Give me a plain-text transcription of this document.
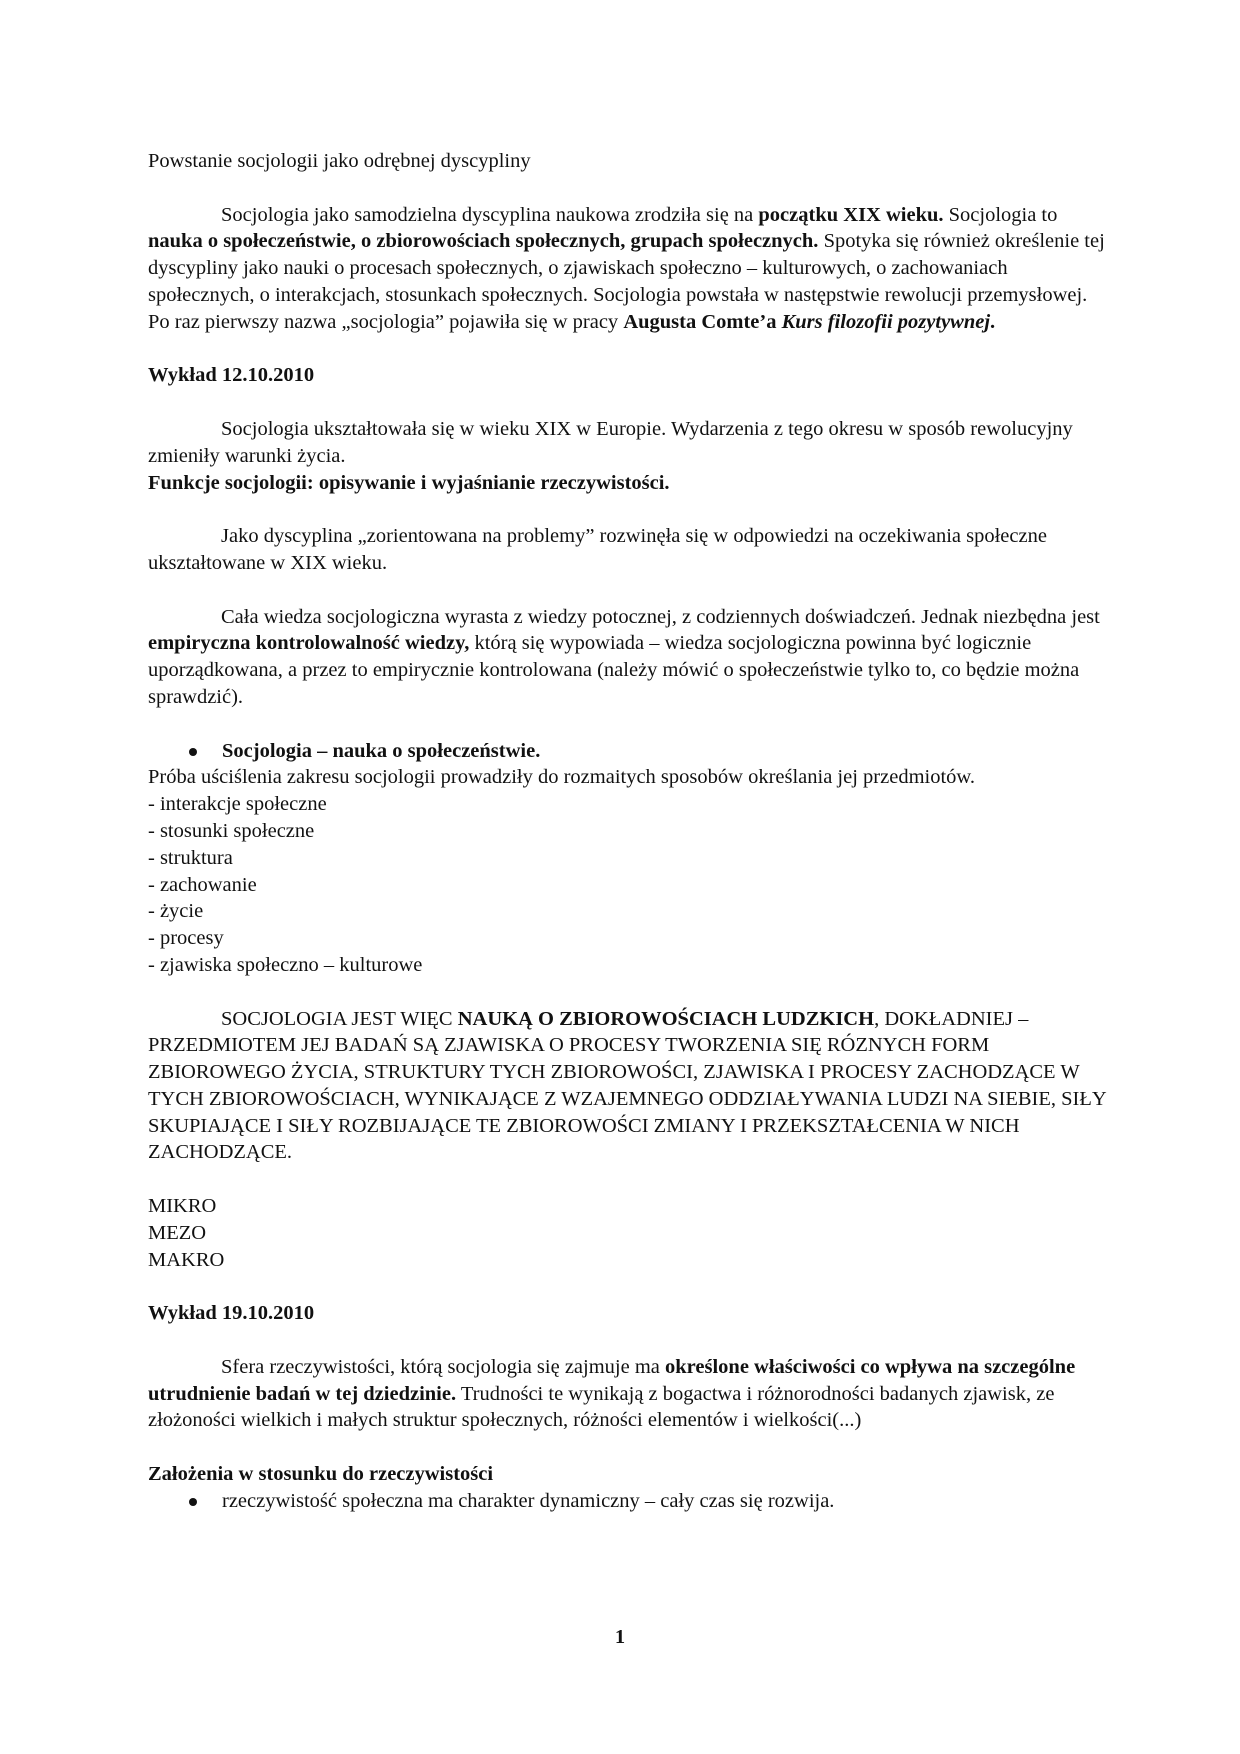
Powstanie socjologii jako odrębnej dyscypliny

Socjologia jako samodzielna dyscyplina naukowa zrodziła się na początku XIX wieku. Socjologia to nauka o społeczeństwie, o zbiorowościach społecznych, grupach społecznych. Spotyka się również określenie tej dyscypliny jako nauki o procesach społecznych, o zjawiskach społeczno – kulturowych, o zachowaniach społecznych, o interakcjach, stosunkach społecznych. Socjologia powstała w następstwie rewolucji przemysłowej. Po raz pierwszy nazwa „socjologia” pojawiła się w pracy Augusta Comte’a Kurs filozofii pozytywnej.

Wykład 12.10.2010

Socjologia ukształtowała się w wieku XIX w Europie. Wydarzenia z tego okresu w sposób rewolucyjny zmieniły warunki życia.

Funkcje socjologii: opisywanie i wyjaśnianie rzeczywistości.

Jako dyscyplina „zorientowana na problemy” rozwinęła się w odpowiedzi na oczekiwania społeczne ukształtowane w XIX wieku.

Cała wiedza socjologiczna wyrasta z wiedzy potocznej, z codziennych doświadczeń. Jednak niezbędna jest empiryczna kontrolowalność wiedzy, którą się wypowiada – wiedza socjologiczna powinna być logicznie uporządkowana, a przez to empirycznie kontrolowana (należy mówić o społeczeństwie tylko to, co będzie można sprawdzić).

Socjologia – nauka o społeczeństwie.

Próba uściślenia zakresu socjologii prowadziły do rozmaitych sposobów określania jej przedmiotów.

- interakcje społeczne
- stosunki społeczne
- struktura
- zachowanie
- życie
- procesy
- zjawiska społeczno – kulturowe

SOCJOLOGIA JEST WIĘC NAUKĄ O ZBIOROWOŚCIACH LUDZKICH, DOKŁADNIEJ – PRZEDMIOTEM JEJ BADAŃ SĄ ZJAWISKA O PROCESY TWORZENIA SIĘ RÓZNYCH FORM ZBIOROWEGO ŻYCIA, STRUKTURY TYCH ZBIOROWOŚCI, ZJAWISKA I PROCESY ZACHODZĄCE W TYCH ZBIOROWOŚCIACH, WYNIKAJĄCE Z WZAJEMNEGO ODDZIAŁYWANIA LUDZI NA SIEBIE, SIŁY SKUPIAJĄCE I SIŁY ROZBIJAJĄCE TE ZBIOROWOŚCI ZMIANY I PRZEKSZTAŁCENIA W NICH ZACHODZĄCE.

MIKRO
MEZO
MAKRO

Wykład 19.10.2010

Sfera rzeczywistości, którą socjologia się zajmuje ma określone właściwości co wpływa na szczególne utrudnienie badań w tej dziedzinie. Trudności te wynikają z bogactwa i różnorodności badanych zjawisk, ze złożoności wielkich i małych struktur społecznych, różności elementów i wielkości(...)

Założenia w stosunku do rzeczywistości

rzeczywistość społeczna ma charakter dynamiczny – cały czas się rozwija.
1
